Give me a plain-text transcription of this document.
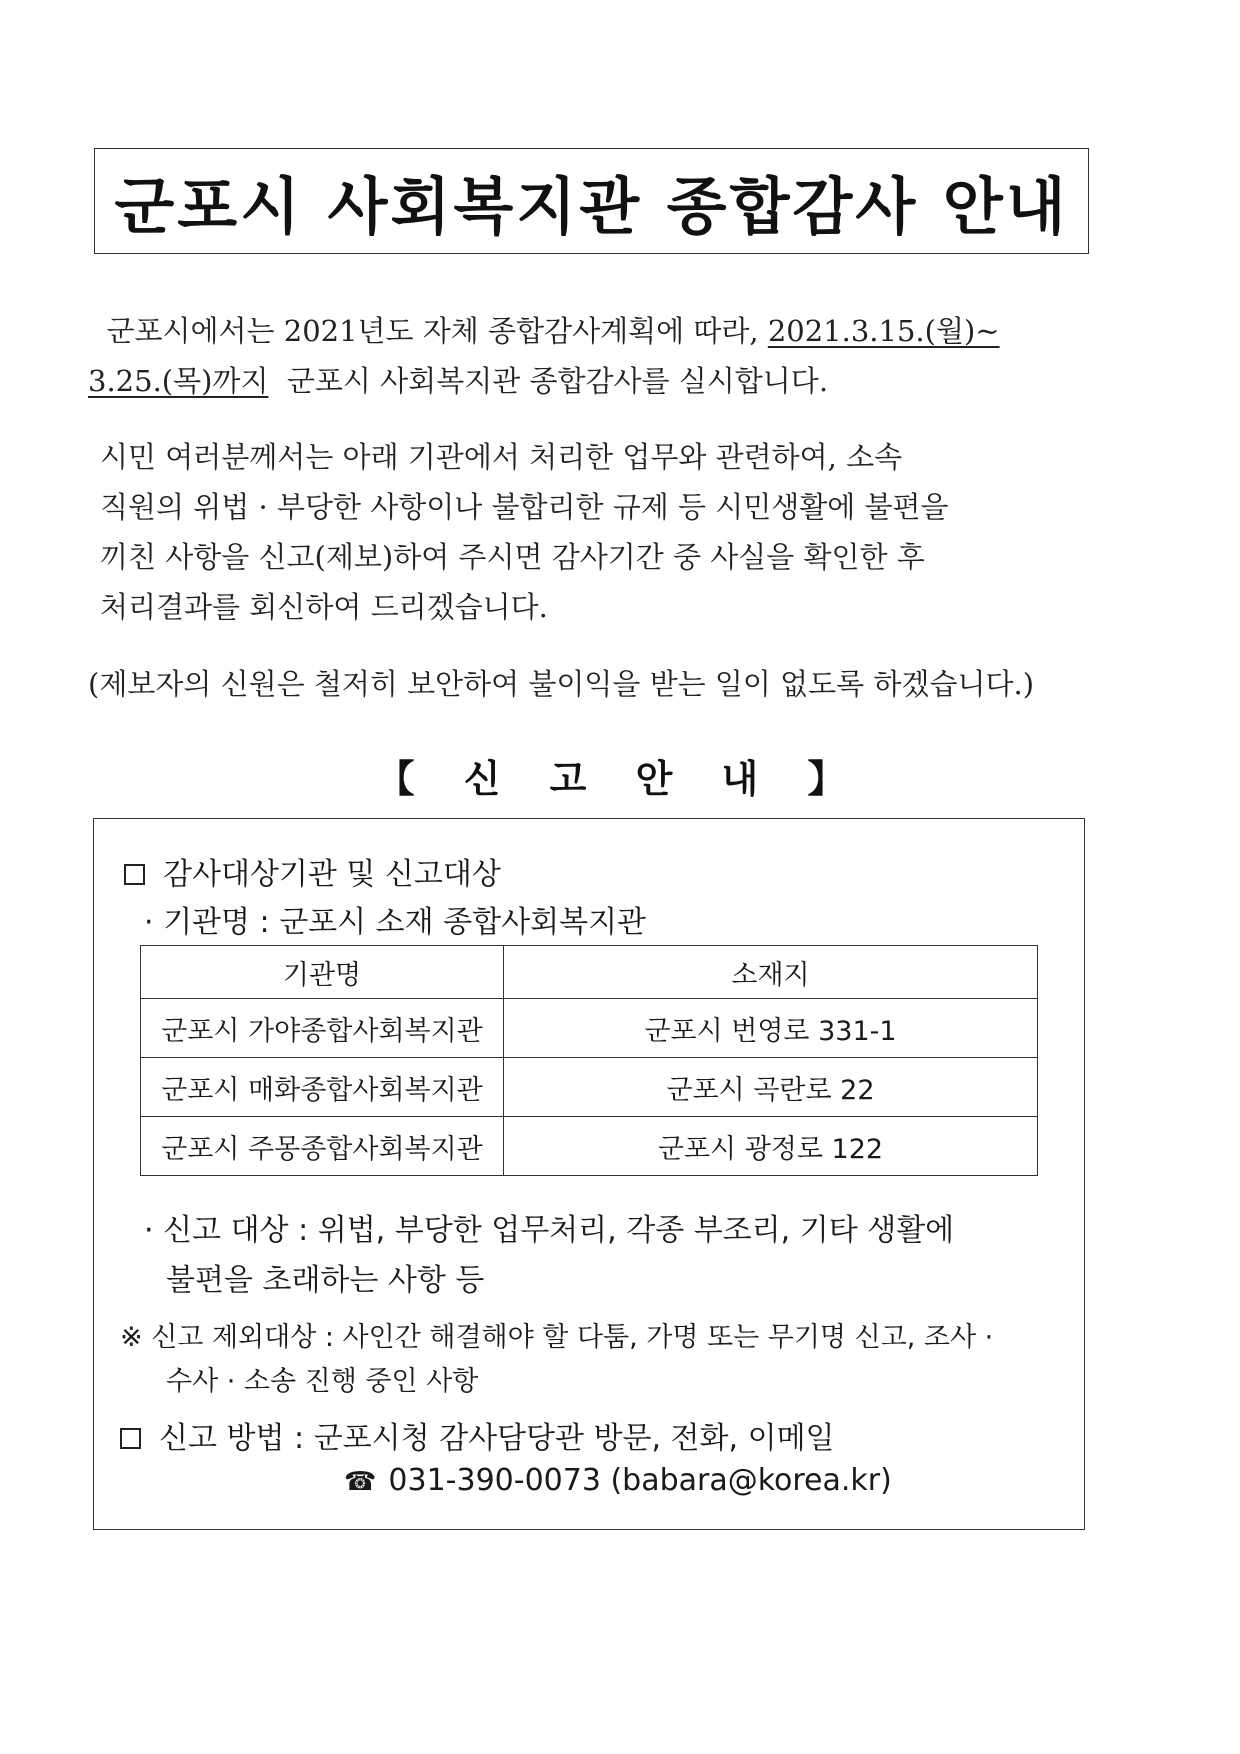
군포시 사회복지관 종합감사 안내
군포시에서는 2021년도 자체 종합감사계획에 따라, 2021.3.15.(월)~
3.25.(목)까지  군포시 사회복지관 종합감사를 실시합니다.
시민 여러분께서는 아래 기관에서 처리한 업무와 관련하여, 소속
직원의 위법 · 부당한 사항이나 불합리한 규제 등 시민생활에 불편을
끼친 사항을 신고(제보)하여 주시면 감사기간 중 사실을 확인한 후
처리결과를 회신하여 드리겠습니다.
(제보자의 신원은 철저히 보안하여 불이익을 받는 일이 없도록 하겠습니다.)
【 신 고 안 내 】
감사대상기관 및 신고대상
· 기관명 : 군포시 소재 종합사회복지관
기관명	소재지
군포시 가야종합사회복지관	군포시 번영로 331-1
군포시 매화종합사회복지관	군포시 곡란로 22
군포시 주몽종합사회복지관	군포시 광정로 122
· 신고 대상 : 위법, 부당한 업무처리, 각종 부조리, 기타 생활에
불편을 초래하는 사항 등
※ 신고 제외대상 : 사인간 해결해야 할 다툼, 가명 또는 무기명 신고, 조사 ·
수사 · 소송 진행 중인 사항
신고 방법 : 군포시청 감사담당관 방문, 전화, 이메일
☎ 031-390-0073 (babara@korea.kr)
